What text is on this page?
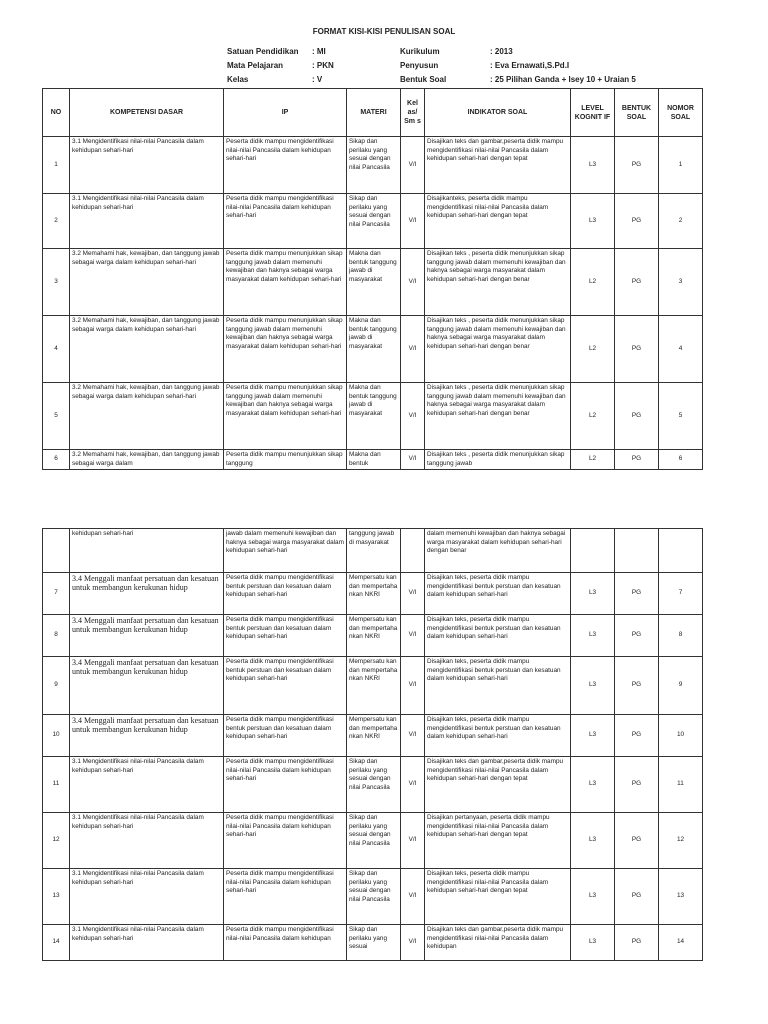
FORMAT KISI-KISI PENULISAN SOAL
Satuan Pendidikan : MI
Mata Pelajaran	: PKN
Kelas	: V
Kurikulum	: 2013
Penyusun	: Eva Ernawati,S.Pd.I
Bentuk Soal	: 25 Pilihan Ganda + Isey 10 + Uraian 5
NO	KOMPETENSI DASAR	IP	MATERI	Kel as/ Sm s	INDIKATOR SOAL	LEVEL KOGNIT IF	BENTUK SOAL	NOMOR SOAL
1	3.1 Mengidentifikasi nilai-nilai Pancasila dalam kehidupan sehari-hari	Peserta didik mampu mengidentifikasi nilai-nilai Pancasila dalam kehidupan sehari-hari	Sikap dan perilaku yang sesuai dengan nilai Pancasila	V/I	Disajikan teks dan gambar,peserta didik mampu mengidentifikasi nilai-nilai Pancasila dalam kehidupan sehari-hari dengan tepat	L3	PG	1
2	3.1 Mengidentifikasi nilai-nilai Pancasila dalam kehidupan sehari-hari	Peserta didik mampu mengidentifikasi nilai-nilai Pancasila dalam kehidupan sehari-hari	Sikap dan perilaku yang sesuai dengan nilai Pancasila	V/I	Disajikanteks, peserta didik mampu mengidentifikasi nilai-nilai Pancasila dalam kehidupan sehari-hari dengan tepat	L3	PG	2
3	3.2 Memahami hak, kewajiban, dan tanggung jawab sebagai warga dalam kehidupan sehari-hari	Peserta didik mampu menunjukkan sikap tanggung jawab dalam memenuhi kewajiban dan haknya sebagai warga masyarakat dalam kehidupan sehari-hari	Makna dan bentuk tanggung jawab di masyarakat	V/I	Disajikan teks , peserta didik menunjukkan sikap tanggung jawab dalam memenuhi kewajiban dan haknya sebagai warga masyarakat dalam kehidupan sehari-hari dengan benar	L2	PG	3
4	3.2 Memahami hak, kewajiban, dan tanggung jawab sebagai warga dalam kehidupan sehari-hari	Peserta didik mampu menunjukkan sikap tanggung jawab dalam memenuhi kewajiban dan haknya sebagai warga masyarakat dalam kehidupan sehari-hari	Makna dan bentuk tanggung jawab di masyarakat	V/I	Disajikan teks , peserta didik menunjukkan sikap tanggung jawab dalam memenuhi kewajiban dan haknya sebagai warga masyarakat dalam kehidupan sehari-hari dengan benar	L2	PG	4
5	3.2 Memahami hak, kewajiban, dan tanggung jawab sebagai warga dalam kehidupan sehari-hari	Peserta didik mampu menunjukkan sikap tanggung jawab dalam memenuhi kewajiban dan haknya sebagai warga masyarakat dalam kehidupan sehari-hari	Makna dan bentuk tanggung jawab di masyarakat	V/I	Disajikan teks , peserta didik menunjukkan sikap tanggung jawab dalam memenuhi kewajiban dan haknya sebagai warga masyarakat dalam kehidupan sehari-hari dengan benar	L2	PG	5
6	3.2 Memahami hak, kewajiban, dan tanggung jawab sebagai warga dalam	Peserta didik mampu menunjukkan sikap tanggung	Makna dan bentuk	V/I	Disajikan teks , peserta didik menunjukkan sikap tanggung jawab	L2	PG	6
	kehidupan sehari-hari	jawab dalam memenuhi kewajiban dan haknya sebagai warga masyarakat dalam kehidupan sehari-hari	tanggung jawab di masyarakat		dalam memenuhi kewajiban dan haknya sebagai warga masyarakat dalam kehidupan sehari-hari dengan benar			
7	3.4 Menggali manfaat persatuan dan kesatuan untuk membangun kerukunan hidup	Peserta didik mampu mengidentifikasi bentuk perstuan dan kesatuan dalam kehidupan sehari-hari	Mempersatu kan dan mempertaha nkan NKRI	V/I	Disajikan teks, peserta didik mampu mengidentifikasi bentuk perstuan dan kesatuan dalam kehidupan sehari-hari	L3	PG	7
8	3.4 Menggali manfaat persatuan dan kesatuan untuk membangun kerukunan hidup	Peserta didik mampu mengidentifikasi bentuk perstuan dan kesatuan dalam kehidupan sehari-hari	Mempersatu kan dan mempertaha nkan NKRI	V/I	Disajikan teks, peserta didik mampu mengidentifikasi bentuk perstuan dan kesatuan dalam kehidupan sehari-hari	L3	PG	8
9	3.4 Menggali manfaat persatuan dan kesatuan untuk membangun kerukunan hidup	Peserta didik mampu mengidentifikasi bentuk perstuan dan kesatuan dalam kehidupan sehari-hari	Mempersatu kan dan mempertaha nkan NKRI	V/I	Disajikan teks, peserta didik mampu mengidentifikasi bentuk perstuan dan kesatuan dalam kehidupan sehari-hari	L3	PG	9
10	3.4 Menggali manfaat persatuan dan kesatuan untuk membangun kerukunan hidup	Peserta didik mampu mengidentifikasi bentuk perstuan dan kesatuan dalam kehidupan sehari-hari	Mempersatu kan dan mempertaha nkan NKRI	V/I	Disajikan teks, peserta didik mampu mengidentifikasi bentuk perstuan dan kesatuan dalam kehidupan sehari-hari	L3	PG	10
11	3.1 Mengidentifikasi nilai-nilai Pancasila dalam kehidupan sehari-hari	Peserta didik mampu mengidentifikasi nilai-nilai Pancasila dalam kehidupan sehari-hari	Sikap dan perilaku yang sesuai dengan nilai Pancasila	V/I	Disajikan teks dan gambar,peserta didik mampu mengidentifikasi nilai-nilai Pancasila dalam kehidupan sehari-hari dengan tepat	L3	PG	11
12	3.1 Mengidentifikasi nilai-nilai Pancasila dalam kehidupan sehari-hari	Peserta didik mampu mengidentifikasi nilai-nilai Pancasila dalam kehidupan sehari-hari	Sikap dan perilaku yang sesuai dengan nilai Pancasila	V/I	Disajikan pertanyaan, peserta didik mampu mengidentifikasi nilai-nilai Pancasila dalam kehidupan sehari-hari dengan tepat	L3	PG	12
13	3.1 Mengidentifikasi nilai-nilai Pancasila dalam kehidupan sehari-hari	Peserta didik mampu mengidentifikasi nilai-nilai Pancasila dalam kehidupan sehari-hari	Sikap dan perilaku yang sesuai dengan nilai Pancasila	V/I	Disajikan teks, peserta didik mampu mengidentifikasi nilai-nilai Pancasila dalam kehidupan sehari-hari dengan tepat	L3	PG	13
14	3.1 Mengidentifikasi nilai-nilai Pancasila dalam kehidupan sehari-hari	Peserta didik mampu mengidentifikasi nilai-nilai Pancasila dalam kehidupan	Sikap dan perilaku yang sesuai	V/I	Disajikan teks dan gambar,peserta didik mampu mengidentifikasi nilai-nilai Pancasila dalam kehidupan	L3	PG	14
